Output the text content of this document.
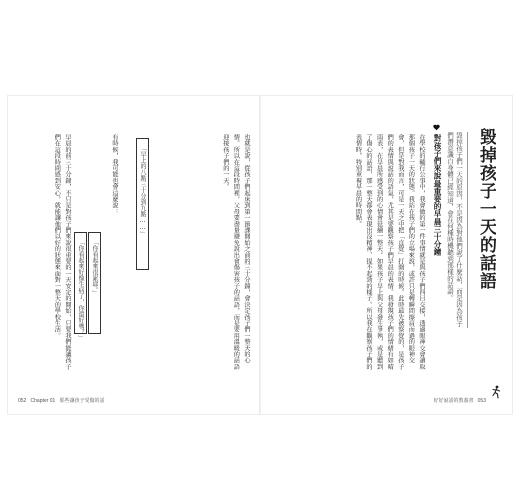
也就是說，從孩子們起床到第一節課開始之前的三十分鐘，會決定孩子們一整天的心情。所以在這段時間裡，父母要盡量避免說出會傷害孩子的話語，而是要用溫暖的話語迎接孩子們的一天。
「早上的八點三十分到九點……」
有時候，我可能也會這麼說：
「你看起來很累耶。」
「你看起來好像生病了，你還好嗎？」
早晨的前三十分鐘，不只是對孩子們來說很重要的一天安定的開始，只要我們能讓孩子們在這段時間感到安心，就能讓他們以好的狀態來面對一整天的學校生活。
052 Chapter 01 那些讓孩子受傷的話
毀掉孩子一天的話語
毀掉孩子們一天的原因，不是因為對他們說了什麼話，而是因為孩子們潛意識自身體已經知道，會在何種時機聽到那樣的話語。
對孩子們來說最重要的早晨三十分鐘
在學校的輔行公事中，我會做的第一件事情就是與孩子們四目交接，透過眼神交會讀取那個孩子一天的狀態。我站在孩子們的立場來說，或許只是轉瞬間擦肩而過的眼神交會，但是對我而言，可是一天之中把「直覺」打開的時候。此時最先被察覺的，是孩子們的表情與說話的語氣，尤其是要觀察孩子們早晨的表情。我發現孩子們的情緒有如晴雨表，在早晨所感受到的心情會延續一整天。如果孩子早上與父母發生爭執，或是聽到了傷心的話語，那一整天都會表現出沒精神、提不起勁的樣子。所以我在觀察孩子們的表情時，特別重視早晨的時間點。
好好說話的教養書 053
